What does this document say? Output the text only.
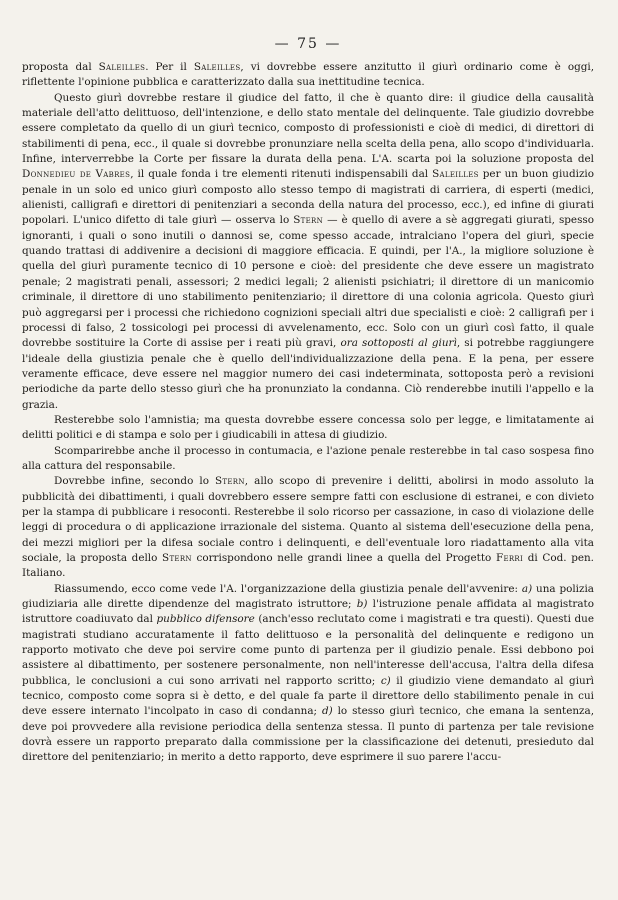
— 75 —

proposta dal Saleilles. Per il Saleilles, vi dovrebbe essere anzitutto il giurì ordinario come è oggi, riflettente l'opinione pubblica e caratterizzato dalla sua inettitudine tecnica.

Questo giurì dovrebbe restare il giudice del fatto, il che è quanto dire: il giudice della causalità materiale dell'atto delittuoso, dell'intenzione, e dello stato mentale del delinquente. Tale giudizio dovrebbe essere completato da quello di un giurì tecnico, composto di professionisti e cioè di medici, di direttori di stabilimenti di pena, ecc., il quale si dovrebbe pronunziare nella scelta della pena, allo scopo d'individuarla. Infine, interverrebbe la Corte per fissare la durata della pena. L'A. scarta poi la soluzione proposta del Donnedieu de Vabres, il quale fonda i tre elementi ritenuti indispensabili dal Saleilles per un buon giudizio penale in un solo ed unico giurì composto allo stesso tempo di magistrati di carriera, di esperti (medici, alienisti, calligrafi e direttori di penitenziari a seconda della natura del processo, ecc.), ed infine di giurati popolari. L'unico difetto di tale giurì — osserva lo Stern — è quello di avere a sè aggregati giurati, spesso ignoranti, i quali o sono inutili o dannosi se, come spesso accade, intralciano l'opera del giurì, specie quando trattasi di addivenire a decisioni di maggiore efficacia. E quindi, per l'A., la migliore soluzione è quella del giurì puramente tecnico di 10 persone e cioè: del presidente che deve essere un magistrato penale; 2 magistrati penali, assessori; 2 medici legali; 2 alienisti psichiatri; il direttore di un manicomio criminale, il direttore di uno stabilimento penitenziario; il direttore di una colonia agricola. Questo giurì può aggregarsi per i processi che richiedono cognizioni speciali altri due specialisti e cioè: 2 calligrafi per i processi di falso, 2 tossicologi pei processi di avvelenamento, ecc. Solo con un giurì così fatto, il quale dovrebbe sostituire la Corte di assise per i reati più gravi, ora sottoposti al giurì, si potrebbe raggiungere l'ideale della giustizia penale che è quello dell'individualizzazione della pena. E la pena, per essere veramente efficace, deve essere nel maggior numero dei casi indeterminata, sottoposta però a revisioni periodiche da parte dello stesso giurì che ha pronunziato la condanna. Ciò renderebbe inutili l'appello e la grazia.

Resterebbe solo l'amnistia; ma questa dovrebbe essere concessa solo per legge, e limitatamente ai delitti politici e di stampa e solo per i giudicabili in attesa di giudizio.

Scomparirebbe anche il processo in contumacia, e l'azione penale resterebbe in tal caso sospesa fino alla cattura del responsabile.

Dovrebbe infine, secondo lo Stern, allo scopo di prevenire i delitti, abolirsi in modo assoluto la pubblicità dei dibattimenti, i quali dovrebbero essere sempre fatti con esclusione di estranei, e con divieto per la stampa di pubblicare i resoconti. Resterebbe il solo ricorso per cassazione, in caso di violazione delle leggi di procedura o di applicazione irrazionale del sistema. Quanto al sistema dell'esecuzione della pena, dei mezzi migliori per la difesa sociale contro i delinquenti, e dell'eventuale loro riadattamento alla vita sociale, la proposta dello Stern corrispondono nelle grandi linee a quella del Progetto Ferri di Cod. pen. Italiano.

Riassumendo, ecco come vede l'A. l'organizzazione della giustizia penale dell'avvenire: a) una polizia giudiziaria alle dirette dipendenze del magistrato istruttore; b) l'istruzione penale affidata al magistrato istruttore coadiuvato dal pubblico difensore (anch'esso reclutato come i magistrati e tra questi). Questi due magistrati studiano accuratamente il fatto delittuoso e la personalità del delinquente e redigono un rapporto motivato che deve poi servire come punto di partenza per il giudizio penale. Essi debbono poi assistere al dibattimento, per sostenere personalmente, non nell'interesse dell'accusa, l'altra della difesa pubblica, le conclusioni a cui sono arrivati nel rapporto scritto; c) il giudizio viene demandato al giurì tecnico, composto come sopra si è detto, e del quale fa parte il direttore dello stabilimento penale in cui deve essere internato l'incolpato in caso di condanna; d) lo stesso giurì tecnico, che emana la sentenza, deve poi provvedere alla revisione periodica della sentenza stessa. Il punto di partenza per tale revisione dovrà essere un rapporto preparato dalla commissione per la classificazione dei detenuti, presieduto dal direttore del penitenziario; in merito a detto rapporto, deve esprimere il suo parere l'accu-
